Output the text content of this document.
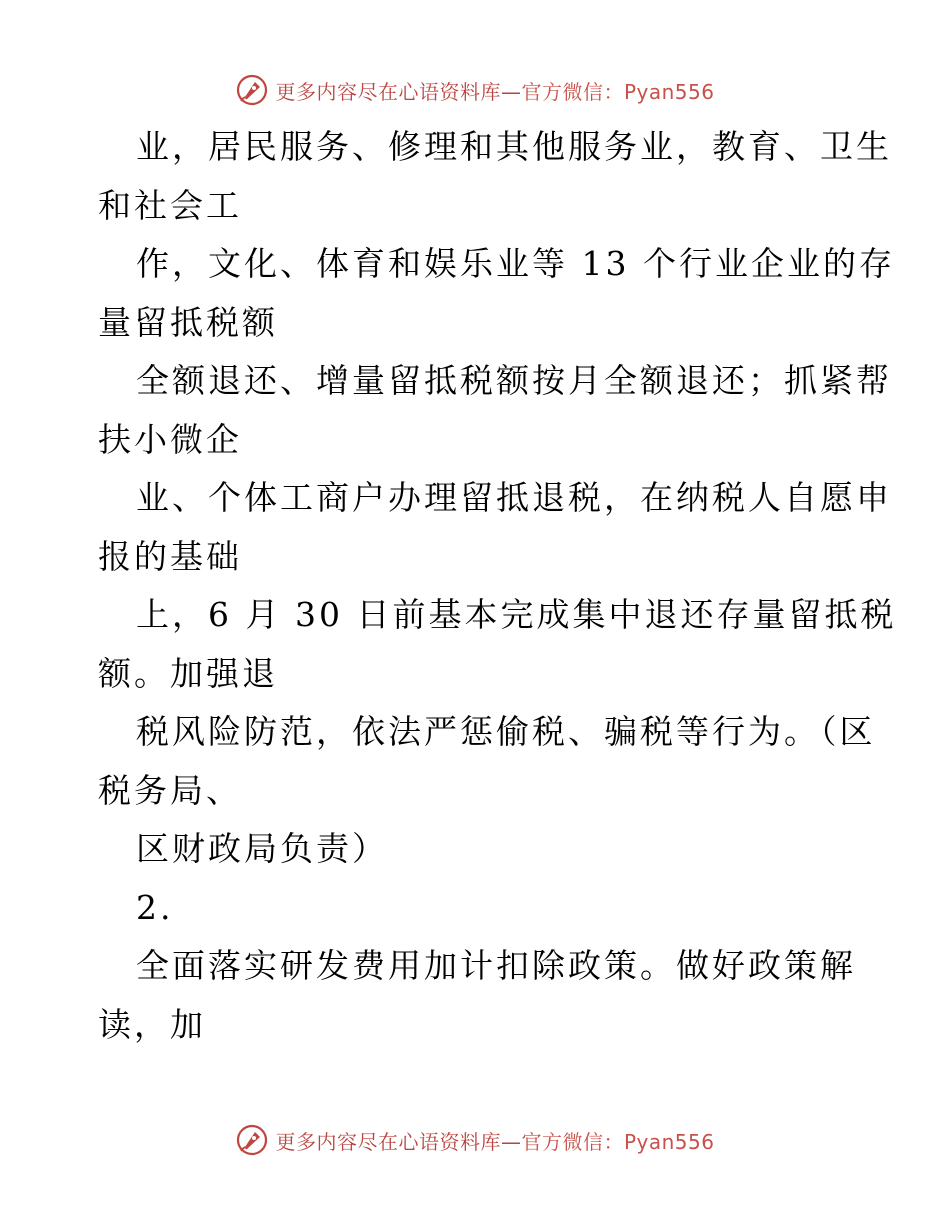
更多内容尽在心语资料库—官方微信：Pyan556
业，居民服务、修理和其他服务业，教育、卫生
和社会工
作，文化、体育和娱乐业等 13 个行业企业的存
量留抵税额
全额退还、增量留抵税额按月全额退还；抓紧帮
扶小微企
业、个体工商户办理留抵退税，在纳税人自愿申
报的基础
上，6 月 30 日前基本完成集中退还存量留抵税
额。加强退
税风险防范，依法严惩偷税、骗税等行为。（区
税务局、
区财政局负责）
2.
全面落实研发费用加计扣除政策。做好政策解
读，加
更多内容尽在心语资料库—官方微信：Pyan556
